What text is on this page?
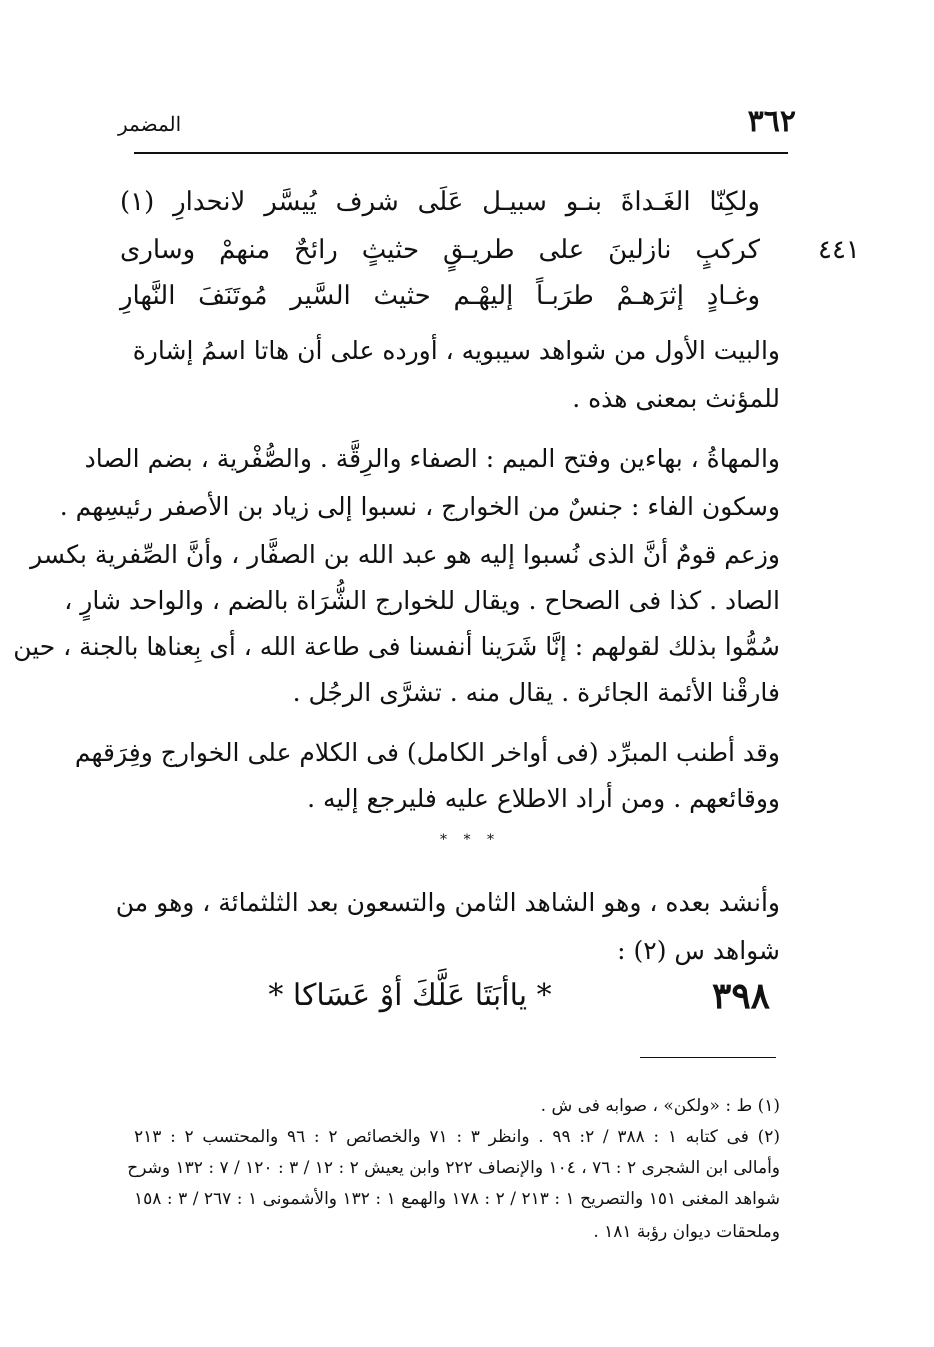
المضمر	٣٦٢
٤٤١
ولكِنّا الغَـداةَ بنـو سبيـل عَلَى شرف يُيسَّر لانحدارِ (١)
كركبٍ نازلينَ على طريـقٍ حثيثٍ رائحٌ منهمْ وسارى
وغـادٍ إثرَهـمْ طرَبـاً إليهْـم حثيث السَّير مُوتَنَفَ النَّهارِ
والبيت الأول من شواهد سيبويه ، أورده على أن هاتا اسمُ إشارة
للمؤنث بمعنى هذه .
والمهاةُ ، بهاءين وفتح الميم : الصفاء والرِقَّة . والصُّفْرية ، بضم الصاد
وسكون الفاء : جنسٌ من الخوارج ، نسبوا إلى زياد بن الأصفر رئيسِهم .
وزعم قومٌ أنَّ الذى نُسبوا إليه هو عبد الله بن الصفَّار ، وأنَّ الصِّفرية بكسر
الصاد . كذا فى الصحاح . ويقال للخوارج الشُّرَاة بالضم ، والواحد شارٍ ،
سُمُّوا بذلك لقولهم : إنَّا شَرَينا أنفسنا فى طاعة الله ، أى بِعناها بالجنة ، حين
فارقْنا الأئمة الجائرة . يقال منه . تشرَّى الرجُل .
وقد أطنب المبرِّد (فى أواخر الكامل) فى الكلام على الخوارج وفِرَقهم
ووقائعهم . ومن أراد الاطلاع عليه فليرجع إليه .
* * *
وأنشد بعده ، وهو الشاهد الثامن والتسعون بعد الثلثمائة ، وهو من
شواهد س (٢) :
٣٩٨
* ياأبَتَا عَلَّكَ أوْ عَسَاكا *
(١) ط : «ولكن» ، صوابه فى ش .
(٢) فى كتابه ١ : ٣٨٨ / ٢: ٩٩ . وانظر ٣ : ٧١ والخصائص ٢ : ٩٦ والمحتسب ٢ : ٢١٣
وأمالى ابن الشجرى ٢ : ٧٦ ، ١٠٤ والإنصاف ٢٢٢ وابن يعيش ٢ : ١٢ / ٣ : ١٢٠ / ٧ : ١٣٢ وشرح
شواهد المغنى ١٥١ والتصريح ١ : ٢١٣ / ٢ : ١٧٨ والهمع ١ : ١٣٢ والأشمونى ١ : ٢٦٧ / ٣ : ١٥٨
وملحقات ديوان رؤبة ١٨١ .
